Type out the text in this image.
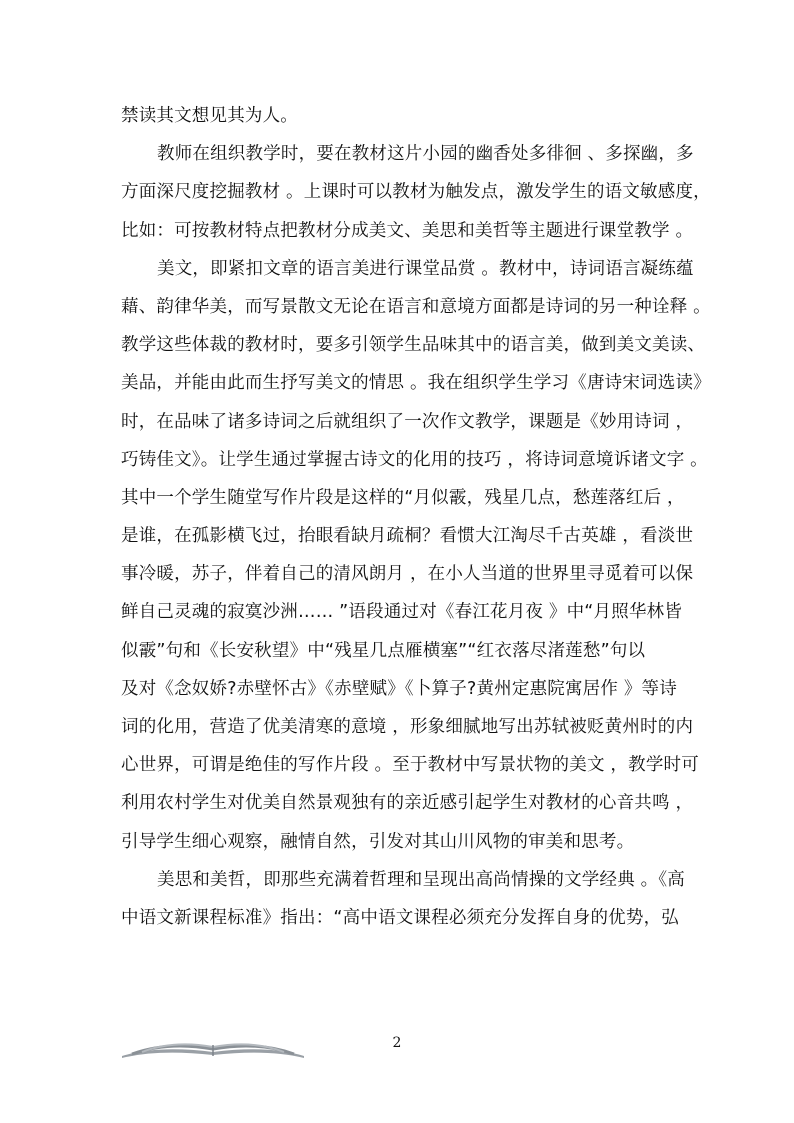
禁读其文想见其为人。
教师在组织教学时，要在教材这片小园的幽香处多徘徊 、多探幽，多
方面深尺度挖掘教材 。上课时可以教材为触发点，激发学生的语文敏感度，
比如：可按教材特点把教材分成美文、美思和美哲等主题进行课堂教学 。
美文，即紧扣文章的语言美进行课堂品赏 。教材中，诗词语言凝练蕴
藉、韵律华美，而写景散文无论在语言和意境方面都是诗词的另一种诠释 。
教学这些体裁的教材时，要多引领学生品味其中的语言美，做到美文美读、
美品，并能由此而生抒写美文的情思 。我在组织学生学习《唐诗宋词选读》
时，在品味了诸多诗词之后就组织了一次作文教学，课题是《妙用诗词 ，
巧铸佳文》。让学生通过掌握古诗文的化用的技巧 ，将诗词意境诉诸文字 。
其中一个学生随堂写作片段是这样的“月似霰，残星几点，愁莲落红后 ，
是谁，在孤影横飞过，抬眼看缺月疏桐？看惯大江淘尽千古英雄 ，看淡世
事冷暖，苏子，伴着自己的清风朗月 ，在小人当道的世界里寻觅着可以保
鲜自己灵魂的寂寞沙洲…… ”语段通过对《春江花月夜 》中“月照华林皆
似霰”句和《长安秋望》中“残星几点雁横塞”“红衣落尽渚莲愁”句以
及对《念奴娇?赤壁怀古》《赤壁赋》《卜算子?黄州定惠院寓居作 》等诗
词的化用，营造了优美清寒的意境 ，形象细腻地写出苏轼被贬黄州时的内
心世界，可谓是绝佳的写作片段 。至于教材中写景状物的美文 ，教学时可
利用农村学生对优美自然景观独有的亲近感引起学生对教材的心音共鸣 ，
引导学生细心观察，融情自然，引发对其山川风物的审美和思考。
美思和美哲，即那些充满着哲理和呈现出高尚情操的文学经典 。《高
中语文新课程标准》指出：“高中语文课程必须充分发挥自身的优势，弘
2
